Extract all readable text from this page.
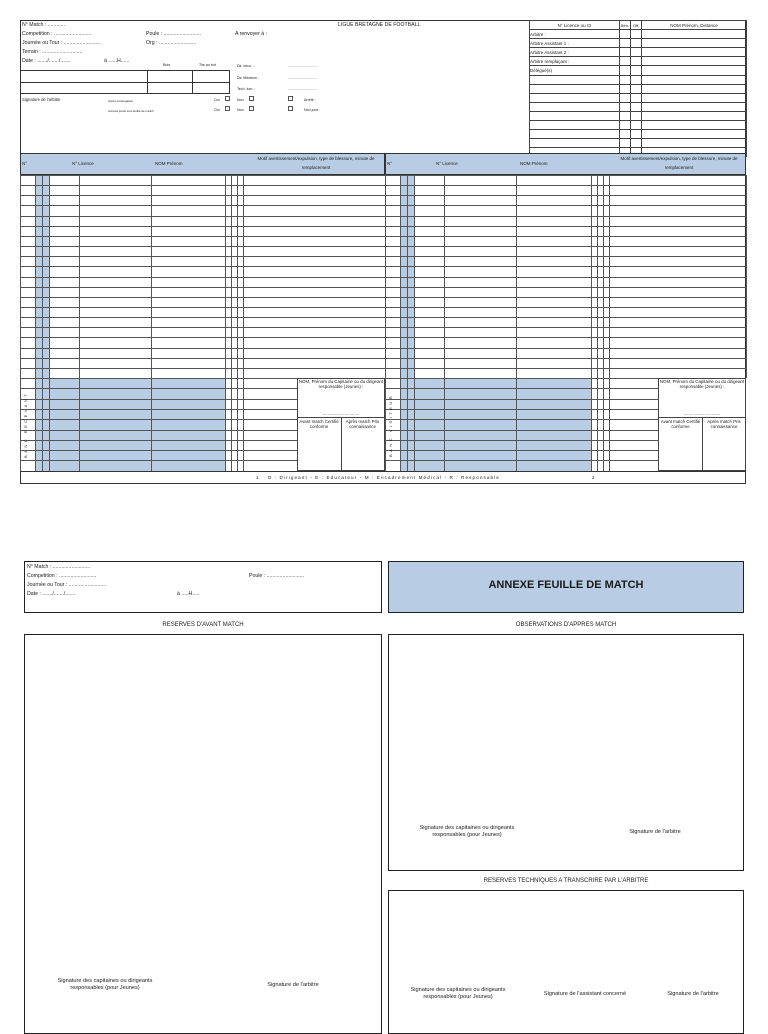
N° Match : ............
Competition : ..........................	Poule : ..........................	A renvoyer à :
Journée ou Tour : ..........................	Org : ..........................
Terrain : ............................
Date : ......./......./.......	à ......H......
LIGUE BRETAGNE DE FOOTBALL
Buts	Tirs au but	Dir. sécu. :	..............................
Dir. Médecin :	..............................
Tech. lum. :	..............................
Signature de l'arbitre	Après prolongation
Annexe jointe à la feuille de match
Oui	Non	Arrêté :
Oui	Non	Non joué :
N° Licence ou CI	Bén.	Off.	NOM Prénom, Distance
Arbitre :			
Arbitre Assistant 1 :			
Arbitre Assistant 2 :			
Arbitre remplaçant :			
Délégué(s)			

N°	N° Licence	NOM Prénom
Motif avertissement/expulsion, type de blessure, minute de remplacement
N°	N° Licence	NOM Prénom
Motif avertissement/expulsion, type de blessure, minute de remplacement
BANC RECEVANT	BANC VISITEUR
NOM, Prénom du Capitaine ou du dirigeant responsable (Jeunes) :
..............................
Avant match Certifié conforme
Après match Pris connaissance
NOM, Prénom du Capitaine ou du dirigeant responsable (Jeunes) :
..............................
Avant match Certifié conforme
Après match Pris connaissance
1 D : Dirigeant - E : Educateur - M : Encadrement Médical - R : Responsable	2
N° Match : ..........................
Competition : ..........................	Poule : ..........................
Journée ou Tour : ..........................
Date : ......./......./.......	à .....H.....
ANNEXE FEUILLE DE MATCH
RESERVES D'AVANT MATCH	OBSERVATIONS D'APPRES MATCH
Signature des capitaines ou dirigeants responsables (pour Jeunes)	Signature de l'arbitre
Signature des capitaines ou dirigeants responsables (pour Jeunes)	Signature de l'arbitre
RESERVES TECHNIQUES A TRANSCRIRE PAR L'ARBITRE
Signature des capitaines ou dirigeants responsables (pour Jeunes)	Signature de l'assistant concerné	Signature de l'arbitre
